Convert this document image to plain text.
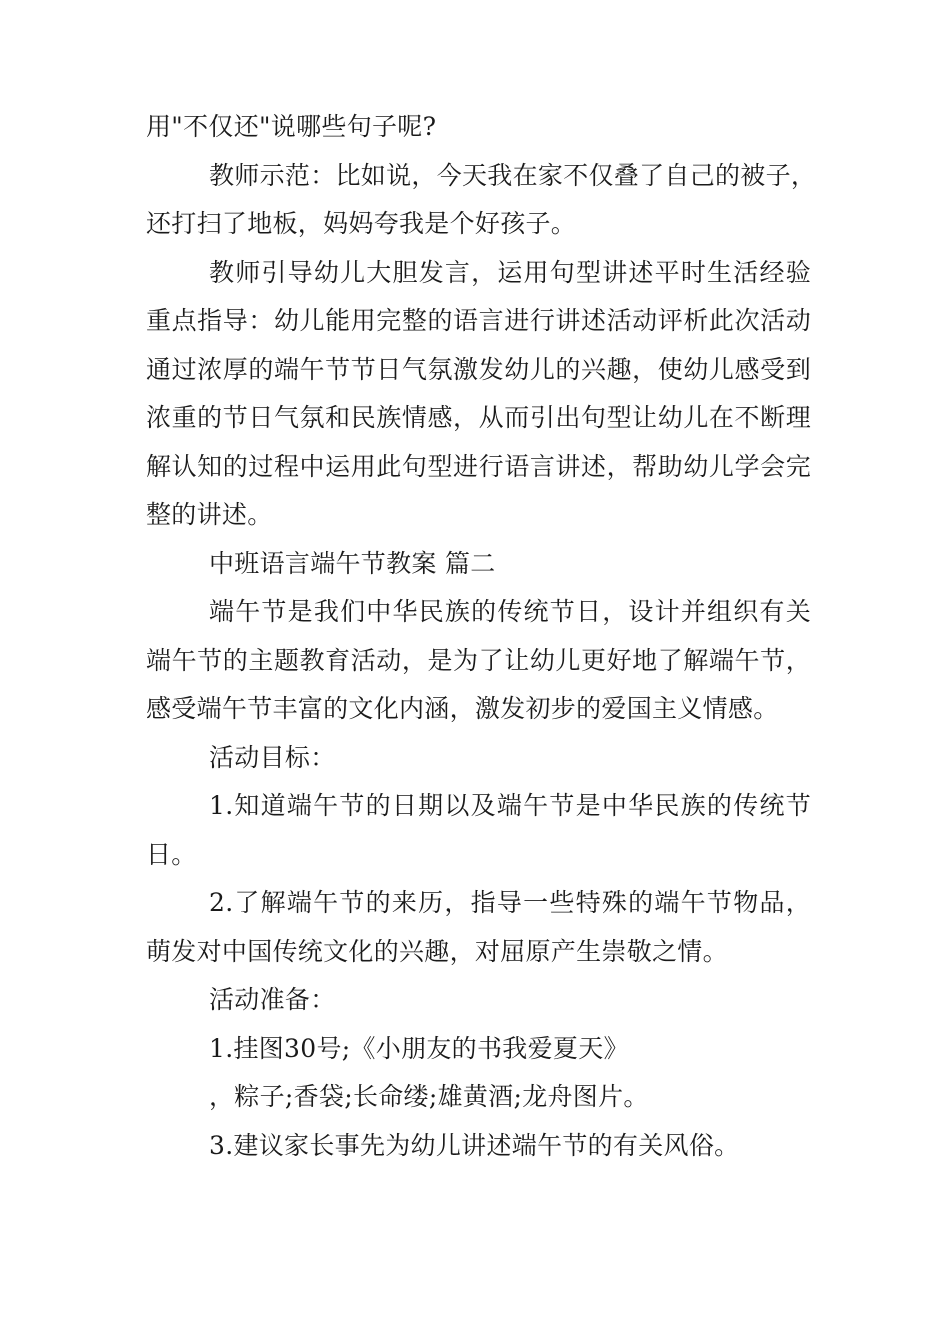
用"不仅还"说哪些句子呢?
教师示范：比如说，今天我在家不仅叠了自己的被子，
还打扫了地板，妈妈夸我是个好孩子。
教师引导幼儿大胆发言，运用句型讲述平时生活经验
重点指导：幼儿能用完整的语言进行讲述活动评析此次活动
通过浓厚的端午节节日气氛激发幼儿的兴趣，使幼儿感受到
浓重的节日气氛和民族情感，从而引出句型让幼儿在不断理
解认知的过程中运用此句型进行语言讲述，帮助幼儿学会完
整的讲述。
中班语言端午节教案 篇二
端午节是我们中华民族的传统节日，设计并组织有关
端午节的主题教育活动，是为了让幼儿更好地了解端午节，
感受端午节丰富的文化内涵，激发初步的爱国主义情感。
活动目标：
1.知道端午节的日期以及端午节是中华民族的传统节
日。
2.了解端午节的来历，指导一些特殊的端午节物品，
萌发对中国传统文化的兴趣，对屈原产生崇敬之情。
活动准备：
1.挂图30号;《小朋友的书我爱夏天》
，粽子;香袋;长命缕;雄黄酒;龙舟图片。
3.建议家长事先为幼儿讲述端午节的有关风俗。
